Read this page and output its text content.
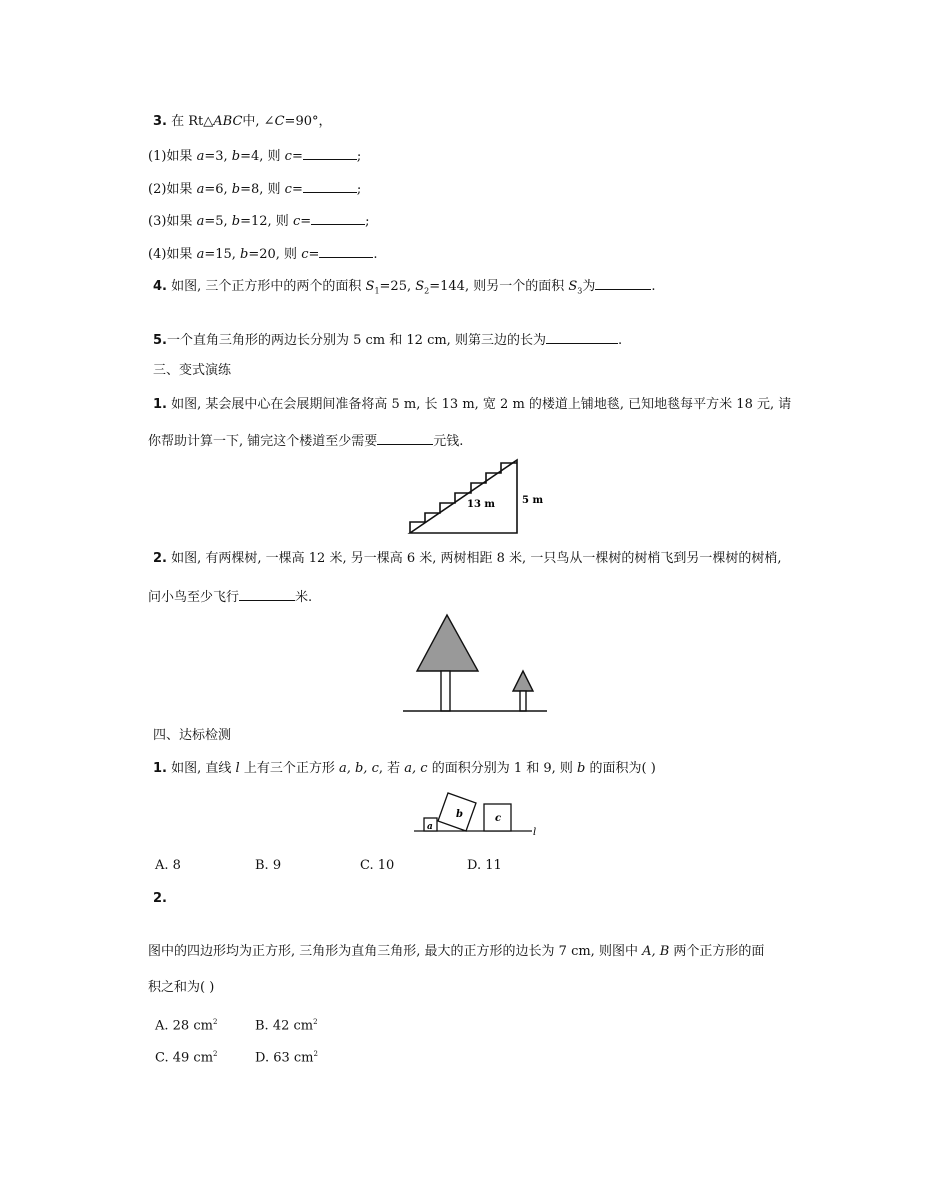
3. 在 Rt△ABC中, ∠C=90°，
(1)如果 a=3, b=4, 则 c=	;
(2)如果 a=6, b=8, 则 c=	;
(3)如果 a=5, b=12, 则 c=	;
(4)如果 a=15, b=20, 则 c=	.
4. 如图, 三个正方形中的两个的面积 $S_1=25$, $S_2=144$, 则另一个的面积 $S_3$为	.
5.一个直角三角形的两边长分别为 5 cm 和 12 cm, 则第三边的长为	.
三、变式演练
1. 如图, 某会展中心在会展期间准备将高 5 m, 长 13 m, 宽 2 m 的楼道上铺地毯, 已知地毯每平方米 18 元, 请
你帮助计算一下, 铺完这个楼道至少需要	元钱.
13 m	5 m
2. 如图, 有两棵树, 一棵高 12 米, 另一棵高 6 米, 两树相距 8 米, 一只鸟从一棵树的树梢飞到另一棵树的树梢,
问小鸟至少飞行	米.
四、达标检测
1. 如图, 直线 l 上有三个正方形 a, b, c, 若 a, c 的面积分别为 1 和 9, 则 b 的面积为( )
a
b	c
l
A. 8	B. 9	C. 10	D. 11
2.
图中的四边形均为正方形, 三角形为直角三角形, 最大的正方形的边长为 7 cm, 则图中 A, B 两个正方形的面
积之和为( )
A. 28 $cm^2$	B. 42 $cm^2$
C. 49 $cm^2$	D. 63 $cm^2$
